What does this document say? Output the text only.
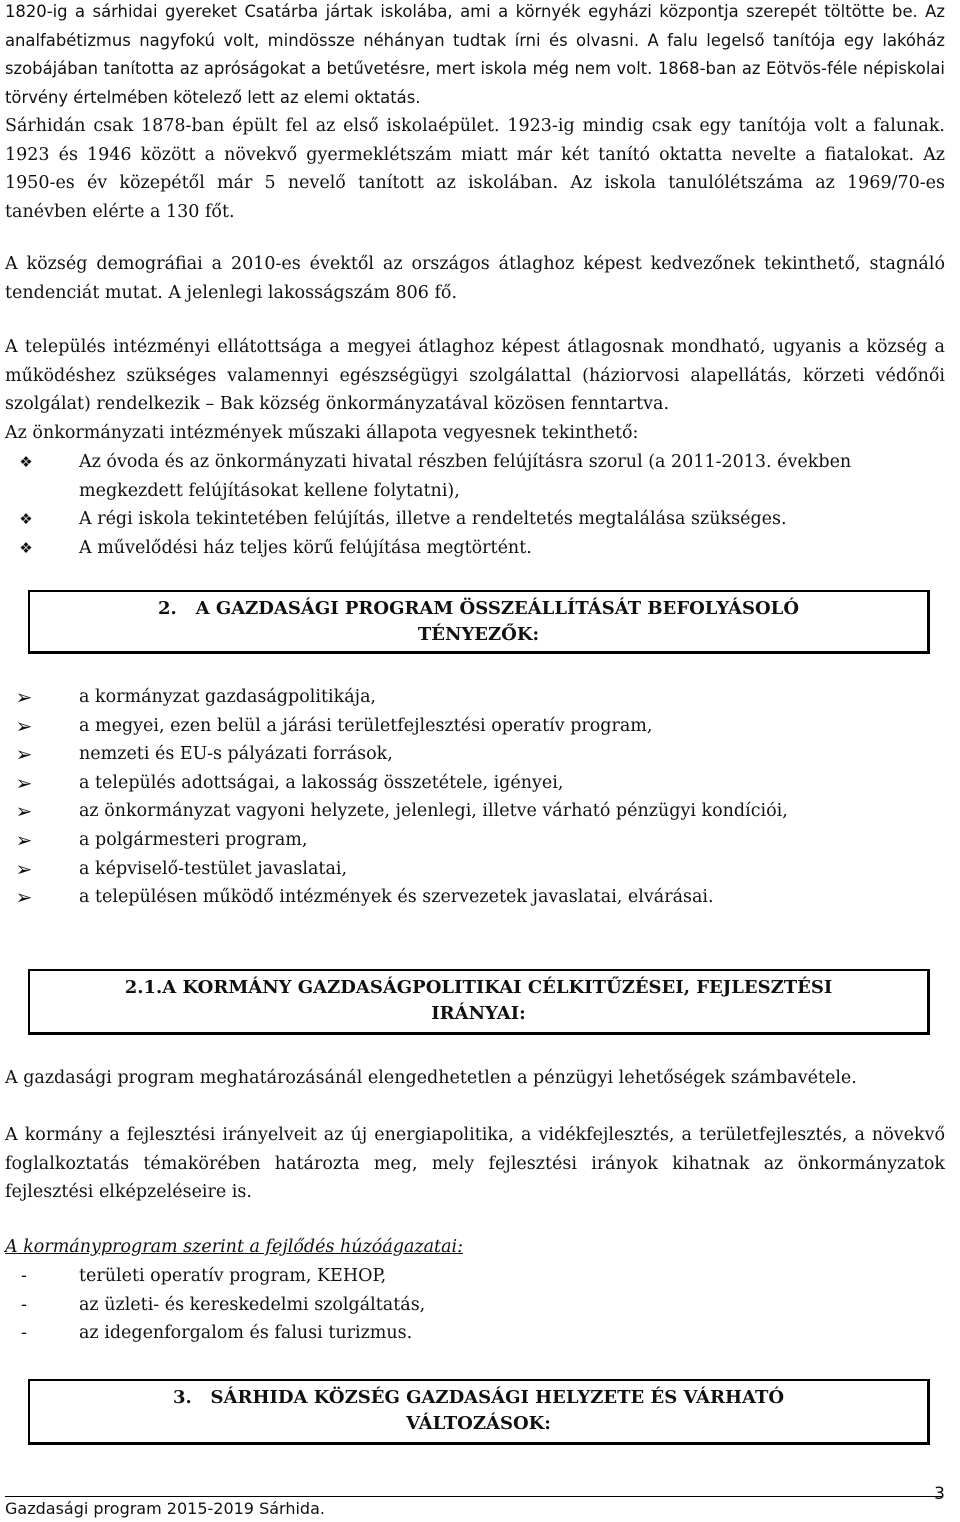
1820-ig a sárhidai gyereket Csatárba jártak iskolába, ami a környék egyházi központja szerepét töltötte be. Az analfabétizmus nagyfokú volt, mindössze néhányan tudtak írni és olvasni. A falu legelső tanítója egy lakóház szobájában tanította az apróságokat a betűvetésre, mert iskola még nem volt. 1868-ban az Eötvös-féle népiskolai törvény értelmében kötelező lett az elemi oktatás.

Sárhidán csak 1878-ban épült fel az első iskolaépület. 1923-ig mindig csak egy tanítója volt a falunak. 1923 és 1946 között a növekvő gyermeklétszám miatt már két tanító oktatta nevelte a fiatalokat. Az 1950-es év közepétől már 5 nevelő tanított az iskolában. Az iskola tanulólétszáma az 1969/70-es tanévben elérte a 130 főt.

A község demográfiai a 2010-es évektől az országos átlaghoz képest kedvezőnek tekinthető, stagnáló tendenciát mutat. A jelenlegi lakosságszám 806 fő.

A település intézményi ellátottsága a megyei átlaghoz képest átlagosnak mondható, ugyanis a község a működéshez szükséges valamennyi egészségügyi szolgálattal (háziorvosi alapellátás, körzeti védőnői szolgálat) rendelkezik – Bak község önkormányzatával közösen fenntartva.

Az önkormányzati intézmények műszaki állapota vegyesnek tekinthető:

❖	Az óvoda és az önkormányzati hivatal részben felújításra szorul (a 2011-2013. években megkezdett felújításokat kellene folytatni),
❖	A régi iskola tekintetében felújítás, illetve a rendeltetés megtalálása szükséges.
❖	A művelődési ház teljes körű felújítása megtörtént.
2.   A GAZDASÁGI PROGRAM ÖSSZEÁLLÍTÁSÁT BEFOLYÁSOLÓ
TÉNYEZŐK:
➢	a kormányzat gazdaságpolitikája,
➢	a megyei, ezen belül a járási területfejlesztési operatív program,
➢	nemzeti és EU-s pályázati források,
➢	a település adottságai, a lakosság összetétele, igényei,
➢	az önkormányzat vagyoni helyzete, jelenlegi, illetve várható pénzügyi kondíciói,
➢	a polgármesteri program,
➢	a képviselő-testület javaslatai,
➢	a településen működő intézmények és szervezetek javaslatai, elvárásai.
2.1.A KORMÁNY GAZDASÁGPOLITIKAI CÉLKITŰZÉSEI, FEJLESZTÉSI
IRÁNYAI:

A gazdasági program meghatározásánál elengedhetetlen a pénzügyi lehetőségek számbavétele.

A kormány a fejlesztési irányelveit az új energiapolitika, a vidékfejlesztés, a területfejlesztés, a növekvő foglalkoztatás témakörében határozta meg, mely fejlesztési irányok kihatnak az önkormányzatok fejlesztési elképzeléseire is.

A kormányprogram szerint a fejlődés húzóágazatai:
-	területi operatív program, KEHOP,
-	az üzleti- és kereskedelmi szolgáltatás,
-	az idegenforgalom és falusi turizmus.
3.   SÁRHIDA KÖZSÉG GAZDASÁGI HELYZETE ÉS VÁRHATÓ
VÁLTOZÁSOK:
Gazdasági program 2015-2019 Sárhida.
3
